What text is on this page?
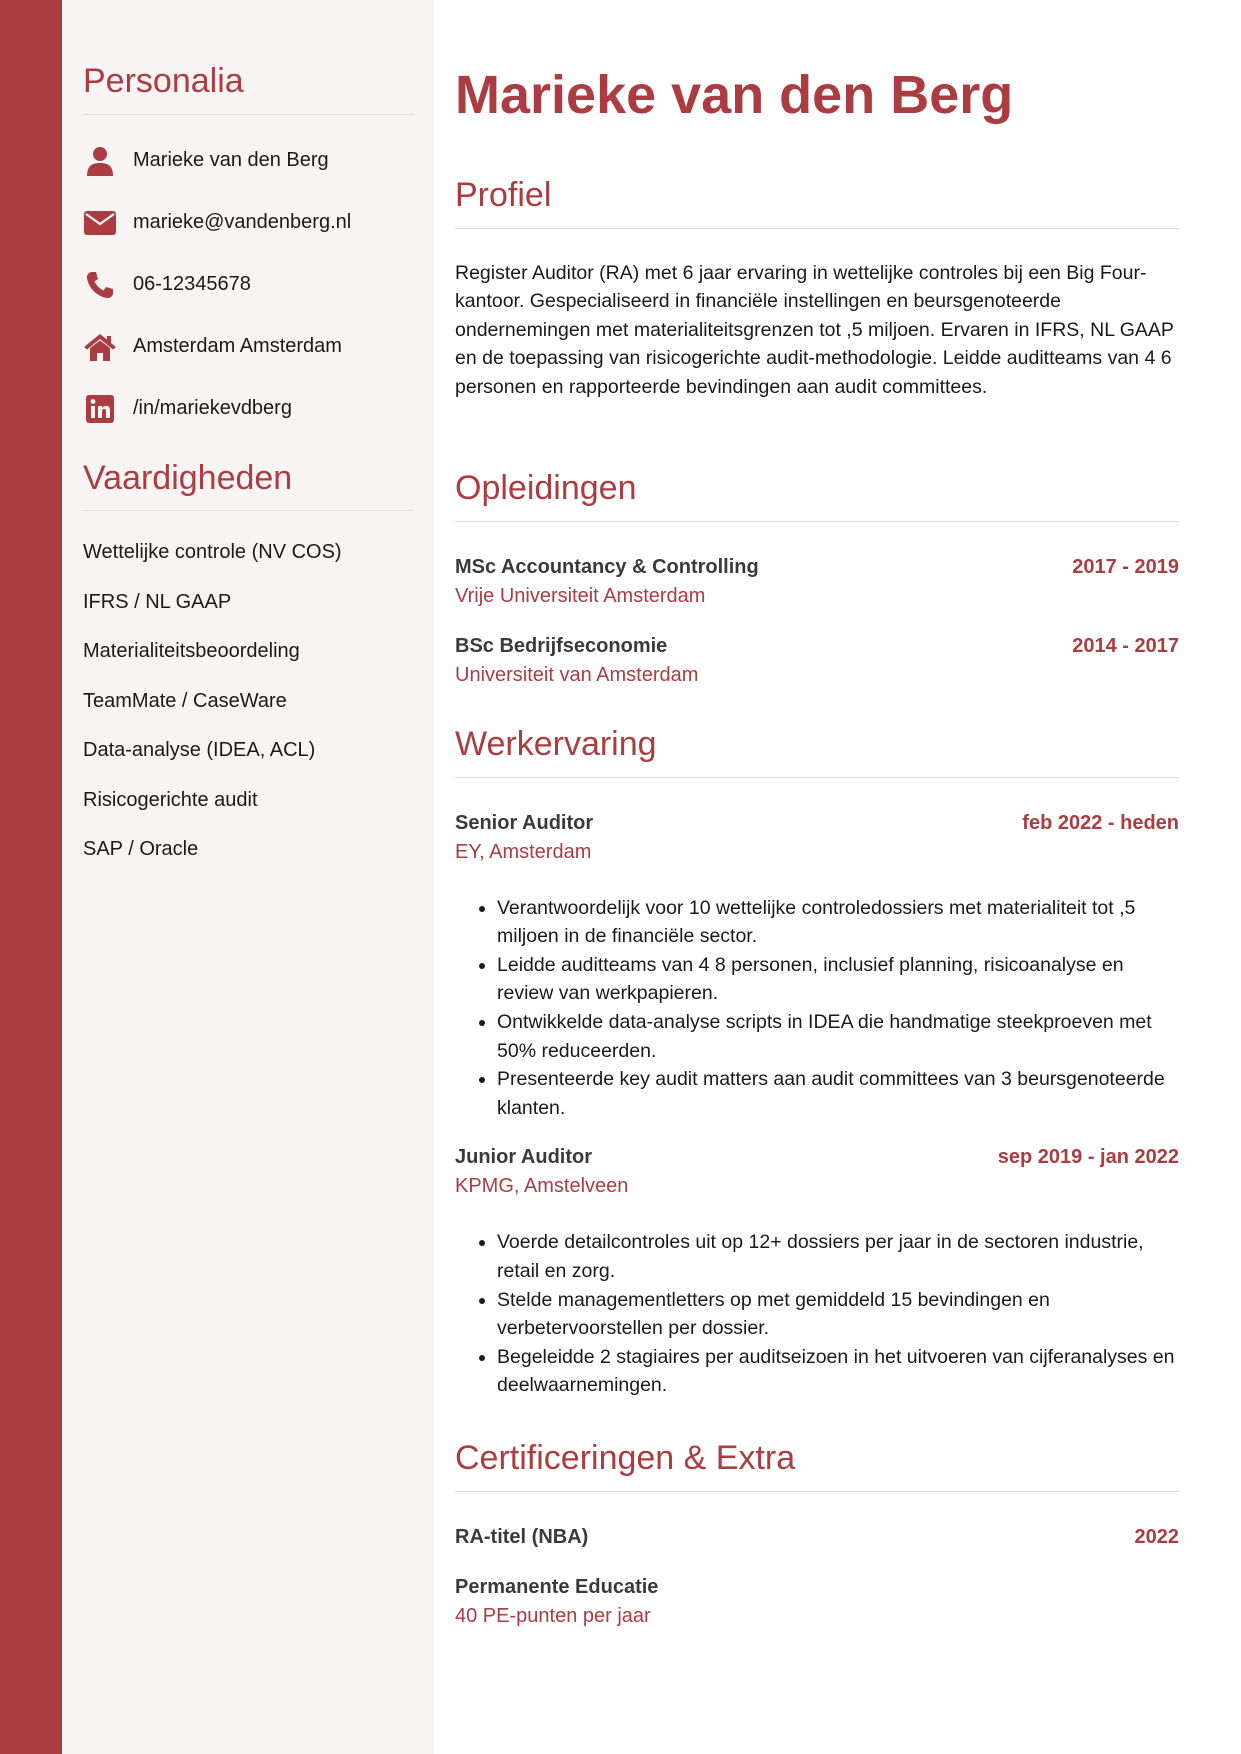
Personalia
Marieke van den Berg
marieke@vandenberg.nl
06-12345678
Amsterdam Amsterdam
/in/mariekevdberg
Vaardigheden
Wettelijke controle (NV COS)
IFRS / NL GAAP
Materialiteitsbeoordeling
TeamMate / CaseWare
Data-analyse (IDEA, ACL)
Risicogerichte audit
SAP / Oracle
Marieke van den Berg
Profiel
Register Auditor (RA) met 6 jaar ervaring in wettelijke controles bij een Big Four-kantoor. Gespecialiseerd in financiële instellingen en beursgenoteerde ondernemingen met materialiteitsgrenzen tot ,5 miljoen. Ervaren in IFRS, NL GAAP en de toepassing van risicogerichte audit-methodologie. Leidde auditteams van 4 6 personen en rapporteerde bevindingen aan audit committees.
Opleidingen
MSc Accountancy & Controlling	2017 - 2019
Vrije Universiteit Amsterdam
BSc Bedrijfseconomie	2014 - 2017
Universiteit van Amsterdam
Werkervaring
Senior Auditor	feb 2022 - heden
EY, Amsterdam
• Verantwoordelijk voor 10 wettelijke controledossiers met materialiteit tot ,5 miljoen in de financiële sector.
• Leidde auditteams van 4 8 personen, inclusief planning, risicoanalyse en review van werkpapieren.
• Ontwikkelde data-analyse scripts in IDEA die handmatige steekproeven met 50% reduceerden.
• Presenteerde key audit matters aan audit committees van 3 beursgenoteerde klanten.
Junior Auditor	sep 2019 - jan 2022
KPMG, Amstelveen
• Voerde detailcontroles uit op 12+ dossiers per jaar in de sectoren industrie, retail en zorg.
• Stelde managementletters op met gemiddeld 15 bevindingen en verbetervoorstellen per dossier.
• Begeleidde 2 stagiaires per auditseizoen in het uitvoeren van cijferanalyses en deelwaarnemingen.
Certificeringen & Extra
RA-titel (NBA)	2022
Permanente Educatie
40 PE-punten per jaar
